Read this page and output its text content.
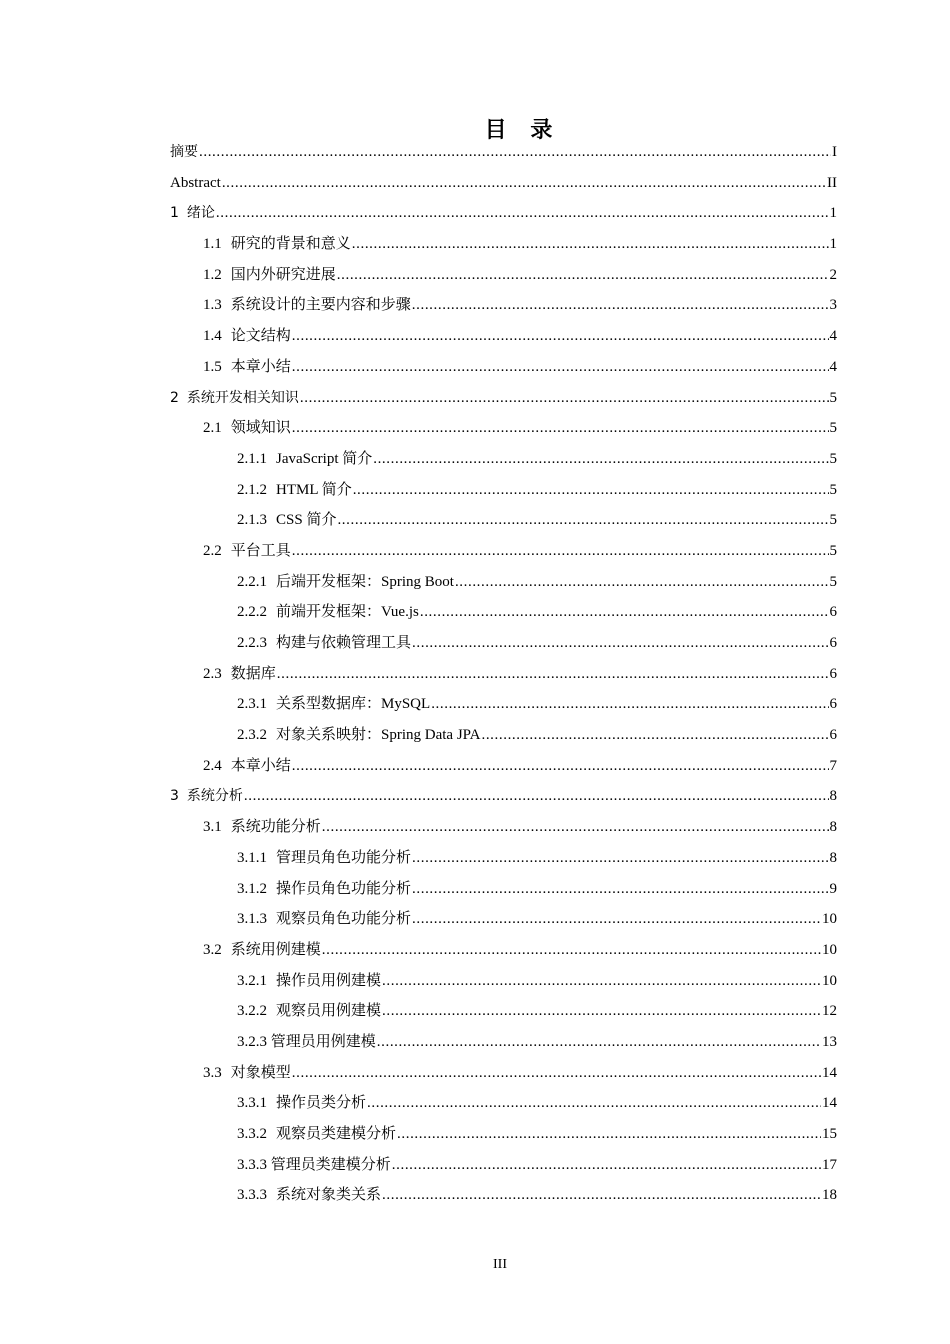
目 录
摘要 .....	I
Abstract .....	II
1 绪论 .....	1
1.1 研究的背景和意义 .....	1
1.2 国内外研究进展 .....	2
1.3 系统设计的主要内容和步骤 .....	3
1.4 论文结构 .....	4
1.5 本章小结 .....	4
2 系统开发相关知识 .....	5
2.1 领域知识 .....	5
2.1.1 JavaScript 简介 .....	5
2.1.2 HTML 简介 .....	5
2.1.3 CSS 简介 .....	5
2.2 平台工具 .....	5
2.2.1 后端开发框架：Spring Boot .....	5
2.2.2 前端开发框架：Vue.js .....	6
2.2.3 构建与依赖管理工具 .....	6
2.3 数据库 .....	6
2.3.1 关系型数据库：MySQL .....	6
2.3.2 对象关系映射：Spring Data JPA .....	6
2.4 本章小结 .....	7
3 系统分析 .....	8
3.1 系统功能分析 .....	8
3.1.1 管理员角色功能分析 .....	8
3.1.2 操作员角色功能分析 .....	9
3.1.3 观察员角色功能分析 .....	10
3.2 系统用例建模 .....	10
3.2.1 操作员用例建模 .....	10
3.2.2 观察员用例建模 .....	12
3.2.3 管理员用例建模 .....	13
3.3 对象模型 .....	14
3.3.1 操作员类分析 .....	14
3.3.2 观察员类建模分析 .....	15
3.3.3 管理员类建模分析 .....	17
3.3.3 系统对象类关系 .....	18
III
